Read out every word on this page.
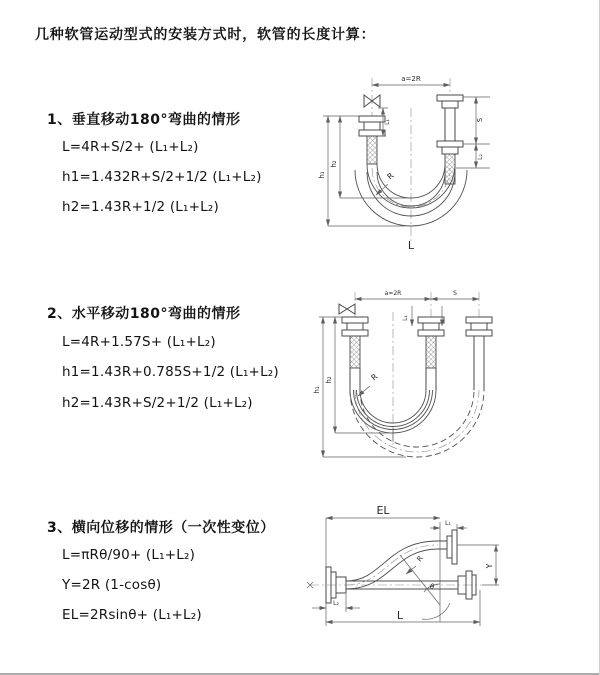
几种软管运动型式的安装方式时，软管的长度计算：
1、垂直移动180°弯曲的情形
L=4R+S/2+ (L₁+L₂)
h1=1.432R+S/2+1/2 (L₁+L₂)
h2=1.43R+1/2 (L₁+L₂)
a=2R
R
L
h₁
h₂
S
L₂
L₁
2、水平移动180°弯曲的情形
L=4R+1.57S+ (L₁+L₂)
h1=1.43R+0.785S+1/2 (L₁+L₂)
h2=1.43R+S/2+1/2 (L₁+L₂)
a=2R	S
h₁
h₂	R
L₁
3、横向位移的情形（一次性变位）
L=πRθ/90+ (L₁+L₂)
Y=2R (1-cosθ)
EL=2Rsinθ+ (L₁+L₂)
EL
L₁
Y
R
θ
L₂
L
